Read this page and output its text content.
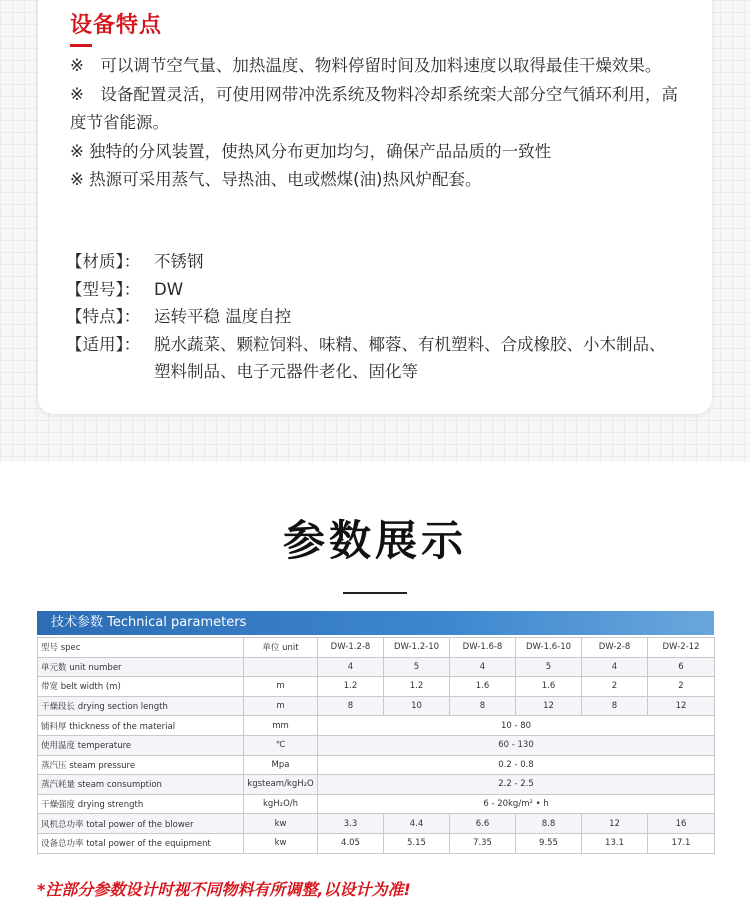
设备特点

※　可以调节空气量、加热温度、物料停留时间及加料速度以取得最佳干燥效果。

※　设备配置灵活，可使用网带冲洗系统及物料冷却系统栾大部分空气循环利用，高度节省能源。

※ 独特的分风装置，使热风分布更加均匀，确保产品品质的一致性

※ 热源可采用蒸气、导热油、电或燃煤(油)热风炉配套。

【材质】： 不锈钢
【型号】： DW
【特点】： 运转平稳 温度自控
【适用】： 脱水蔬菜、颗粒饲料、味精、椰蓉、有机塑料、合成橡胶、小木制品、塑料制品、电子元器件老化、固化等
参数展示
技术参数 Technical parameters
型号 spec	单位 unit	DW-1.2-8	DW-1.2-10	DW-1.6-8	DW-1.6-10	DW-2-8	DW-2-12
单元数 unit number		4	5	4	5	4	6
带宽 belt width (m)	m	1.2	1.2	1.6	1.6	2	2
干燥段长 drying section length	m	8	10	8	12	8	12
铺料厚 thickness of the material	mm	10 - 80					
使用温度 temperature	℃	60 - 130					
蒸汽压 steam pressure	Mpa	0.2 - 0.8					
蒸汽耗量 steam consumption	kgsteam/kgH₂O	2.2 - 2.5					
干燥强度 drying strength	kgH₂O/h	6 - 20kg/m² • h					
风机总功率 total power of the blower	kw	3.3	4.4	6.6	8.8	12	16
设备总功率 total power of the equipment	kw	4.05	5.15	7.35	9.55	13.1	17.1
*注部分参数设计时视不同物料有所调整,以设计为准!
